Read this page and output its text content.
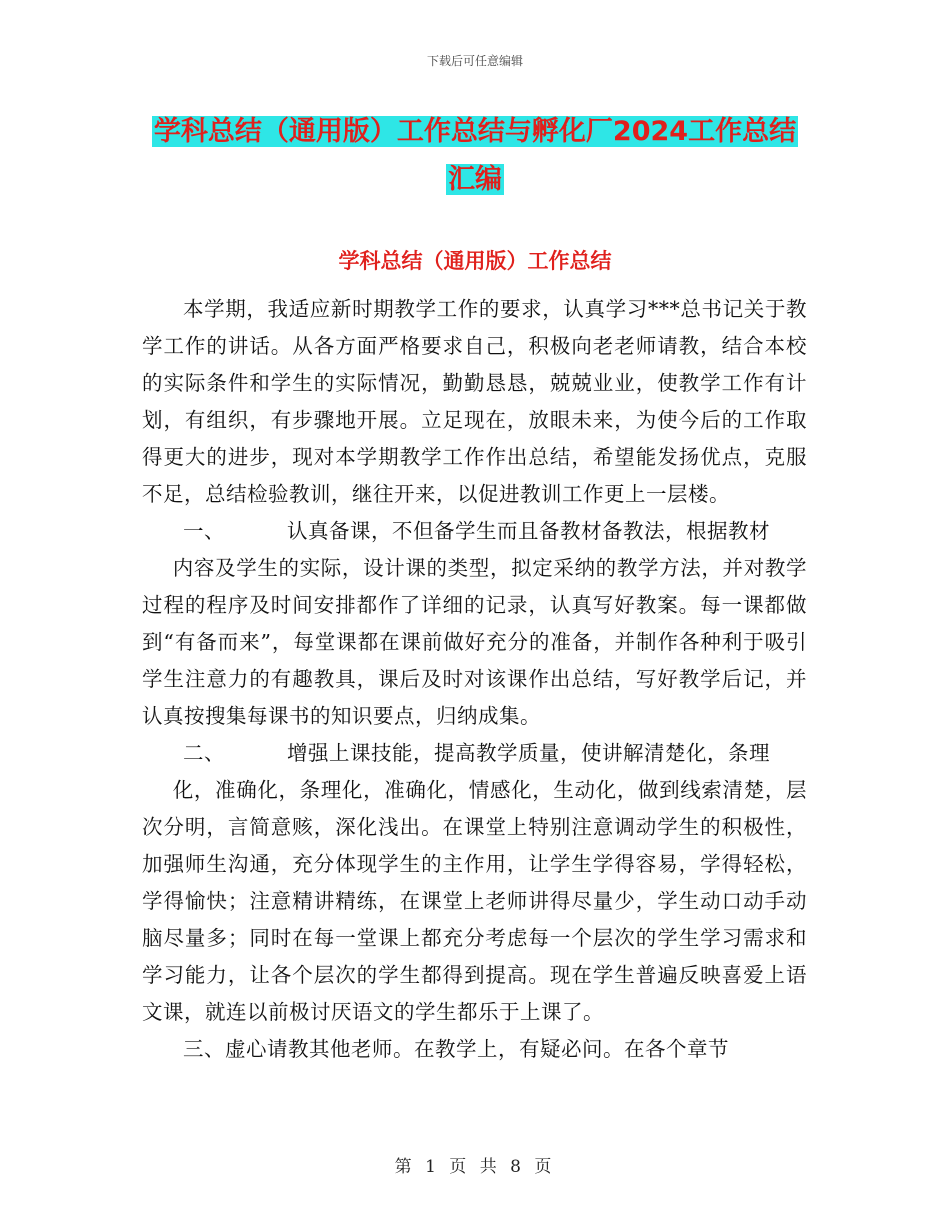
下载后可任意编辑
学科总结（通用版）工作总结与孵化厂2024工作总结
汇编
学科总结（通用版）工作总结

本学期，我适应新时期教学工作的要求，认真学习***总书记关于教学工作的讲话。从各方面严格要求自己，积极向老老师请教，结合本校的实际条件和学生的实际情况，勤勤恳恳，兢兢业业，使教学工作有计划，有组织，有步骤地开展。立足现在，放眼未来，为使今后的工作取得更大的进步，现对本学期教学工作作出总结，希望能发扬优点，克服不足，总结检验教训，继往开来，以促进教训工作更上一层楼。

一、	认真备课，不但备学生而且备教材备教法，根据教材

内容及学生的实际，设计课的类型，拟定采纳的教学方法，并对教学过程的程序及时间安排都作了详细的记录，认真写好教案。每一课都做到“有备而来”，每堂课都在课前做好充分的准备，并制作各种利于吸引学生注意力的有趣教具，课后及时对该课作出总结，写好教学后记，并认真按搜集每课书的知识要点，归纳成集。

二、	增强上课技能，提高教学质量，使讲解清楚化，条理

化，准确化，条理化，准确化，情感化，生动化，做到线索清楚，层次分明，言简意赅，深化浅出。在课堂上特别注意调动学生的积极性，加强师生沟通，充分体现学生的主作用，让学生学得容易，学得轻松，学得愉快；注意精讲精练，在课堂上老师讲得尽量少，学生动口动手动脑尽量多；同时在每一堂课上都充分考虑每一个层次的学生学习需求和学习能力，让各个层次的学生都得到提高。现在学生普遍反映喜爱上语文课，就连以前极讨厌语文的学生都乐于上课了。

三、虚心请教其他老师。在教学上，有疑必问。在各个章节

第 1 页 共 8 页
